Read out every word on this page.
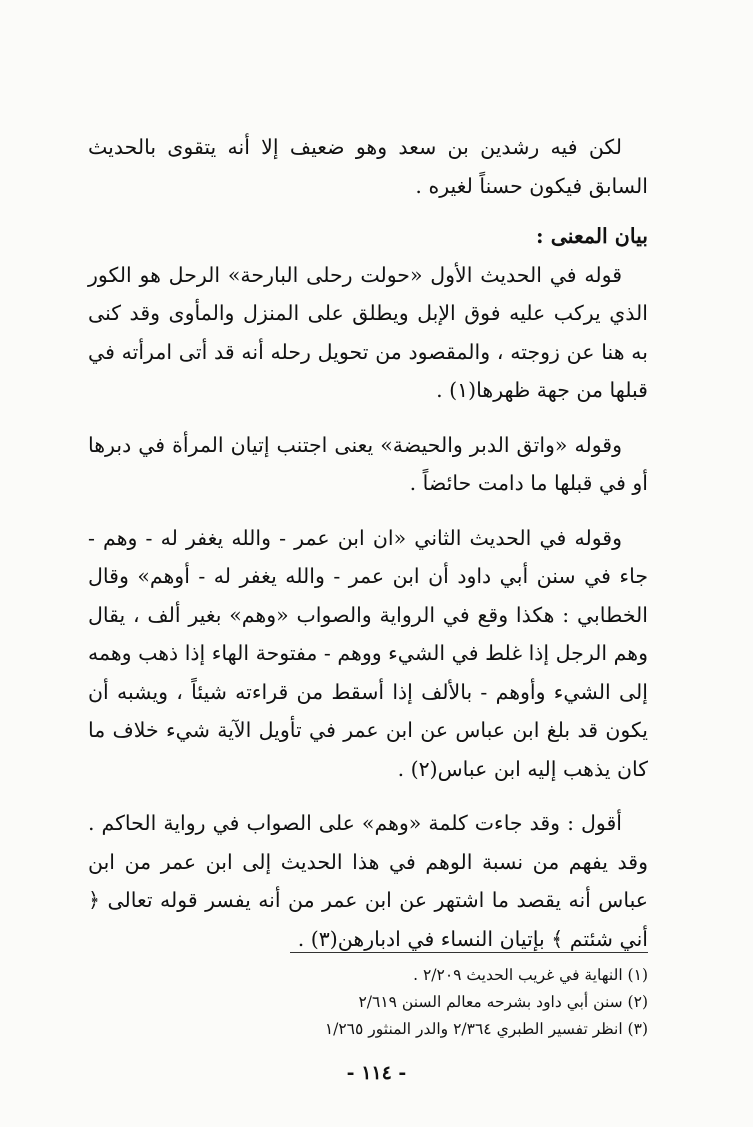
لكن فيه رشدين بن سعد وهو ضعيف إلا أنه يتقوى بالحديث السابق فيكون حسناً لغيره .

بيان المعنى :

قوله في الحديث الأول «حولت رحلى البارحة» الرحل هو الكور الذي يركب عليه فوق الإبل ويطلق على المنزل والمأوى وقد كنى به هنا عن زوجته ، والمقصود من تحويل رحله أنه قد أتى امرأته في قبلها من جهة ظهرها(١) .

وقوله «واتق الدبر والحيضة» يعنى اجتنب إتيان المرأة في دبرها أو في قبلها ما دامت حائضاً .

وقوله في الحديث الثاني «ان ابن عمر - والله يغفر له - وهم - جاء في سنن أبي داود أن ابن عمر - والله يغفر له - أوهم» وقال الخطابي : هكذا وقع في الرواية والصواب «وهم» بغير ألف ، يقال وهم الرجل إذا غلط في الشيء ووهم - مفتوحة الهاء إذا ذهب وهمه إلى الشيء وأوهم - بالألف إذا أسقط من قراءته شيئاً ، ويشبه أن يكون قد بلغ ابن عباس عن ابن عمر في تأويل الآية شيء خلاف ما كان يذهب إليه ابن عباس(٢) .

أقول : وقد جاءت كلمة «وهم» على الصواب في رواية الحاكم . وقد يفهم من نسبة الوهم في هذا الحديث إلى ابن عمر من ابن عباس أنه يقصد ما اشتهر عن ابن عمر من أنه يفسر قوله تعالى ﴿ أني شئتم ﴾ بإتيان النساء في ادبارهن(٣) .

(١) النهاية في غريب الحديث ٢/٢٠٩ .

(٢) سنن أبي داود بشرحه معالم السنن ٢/٦١٩

(٣) انظر تفسير الطبري ٢/٣٦٤ والدر المنثور ١/٢٦٥

- ١١٤ -
